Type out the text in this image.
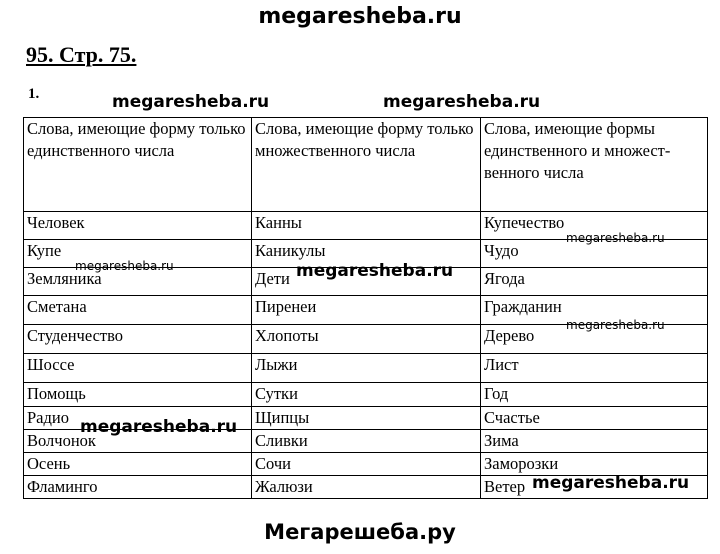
megaresheba.ru
95. Стр. 75.
1.
Слова, имеющие форму только единственного числа	Слова, имеющие форму только множественного числа	Слова, имеющие формы единственного и множест-венного числа
Человек	Канны	Купечество
Купе	Каникулы	Чудо
Земляника	Дети	Ягода
Сметана	Пиренеи	Гражданин
Студенчество	Хлопоты	Дерево
Шоссе	Лыжи	Лист
Помощь	Сутки	Год
Радио	Щипцы	Счастье
Волчонок	Сливки	Зима
Осень	Сочи	Заморозки
Фламинго	Жалюзи	Ветер
megaresheba.ru	megaresheba.ru
megaresheba.ru
megaresheba.ru	megaresheba.ru
megaresheba.ru
megaresheba.ru
megaresheba.ru
Мегарешеба.ру
